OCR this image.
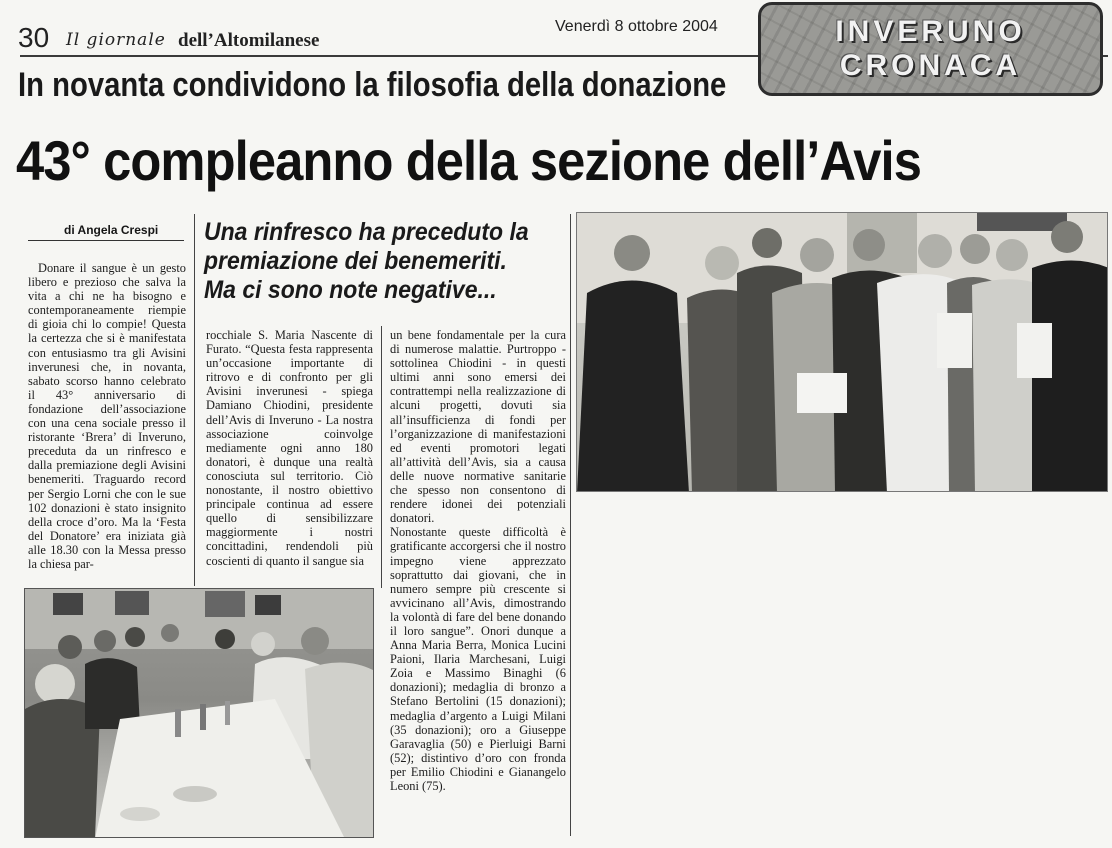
30 Il giornale dell’Altomilanese
Venerdì 8 ottobre 2004	INVERUNO
CRONACA
In novanta condividono la filosofia della donazione
43° compleanno della sezione dell’Avis
di Angela Crespi Una rinfresco ha preceduto la premiazione dei benemeriti. Ma ci sono note negative...

Donare il sangue è un gesto libero e prezioso che salva la vita a chi ne ha bisogno e contemporaneamente riempie di gioia chi lo compie! Questa la certezza che si è manifestata con entusiasmo tra gli Avisini inverunesi che, in novanta, sabato scorso hanno celebrato il 43° anniversario di fondazione dell’associazione con una cena sociale presso il ristorante ‘Brera’ di Inveruno, preceduta da un rinfresco e dalla premiazione degli Avisini benemeriti. Traguardo record per Sergio Lorni che con le sue 102 donazioni è stato insignito della croce d’oro. Ma la ‘Festa del Donatore’ era iniziata già alle 18.30 con la Messa presso la chiesa par-

rocchiale S. Maria Nascente di Furato. “Questa festa rappresenta un’occasione importante di ritrovo e di confronto per gli Avisini inverunesi - spiega Damiano Chiodini, presidente dell’Avis di Inveruno - La nostra associazione coinvolge mediamente ogni anno 180 donatori, è dunque una realtà conosciuta sul territorio. Ciò nonostante, il nostro obiettivo principale continua ad essere quello di sensibilizzare maggiormente i nostri concittadini, rendendoli più coscienti di quanto il sangue sia

un bene fondamentale per la cura di numerose malattie. Purtroppo - sottolinea Chiodini - in questi ultimi anni sono emersi dei contrattempi nella realizzazione di alcuni progetti, dovuti sia all’insufficienza di fondi per l’organizzazione di manifestazioni ed eventi promotori legati all’attività dell’Avis, sia a causa delle nuove normative sanitarie che spesso non consentono di rendere idonei dei potenziali donatori.

Nonostante queste difficoltà è gratificante accorgersi che il nostro impegno viene apprezzato soprattutto dai giovani, che in numero sempre più crescente si avvicinano all’Avis, dimostrando la volontà di fare del bene donando il loro sangue”. Onori dunque a Anna Maria Berra, Monica Lucini Paioni, Ilaria Marchesani, Luigi Zoia e Massimo Binaghi (6 donazioni); medaglia di bronzo a Stefano Bertolini (15 donazioni); medaglia d’argento a Luigi Milani (35 donazioni); oro a Giuseppe Garavaglia (50) e Pierluigi Barni (52); distintivo d’oro con fronda per Emilio Chiodini e Gianangelo Leoni (75).
